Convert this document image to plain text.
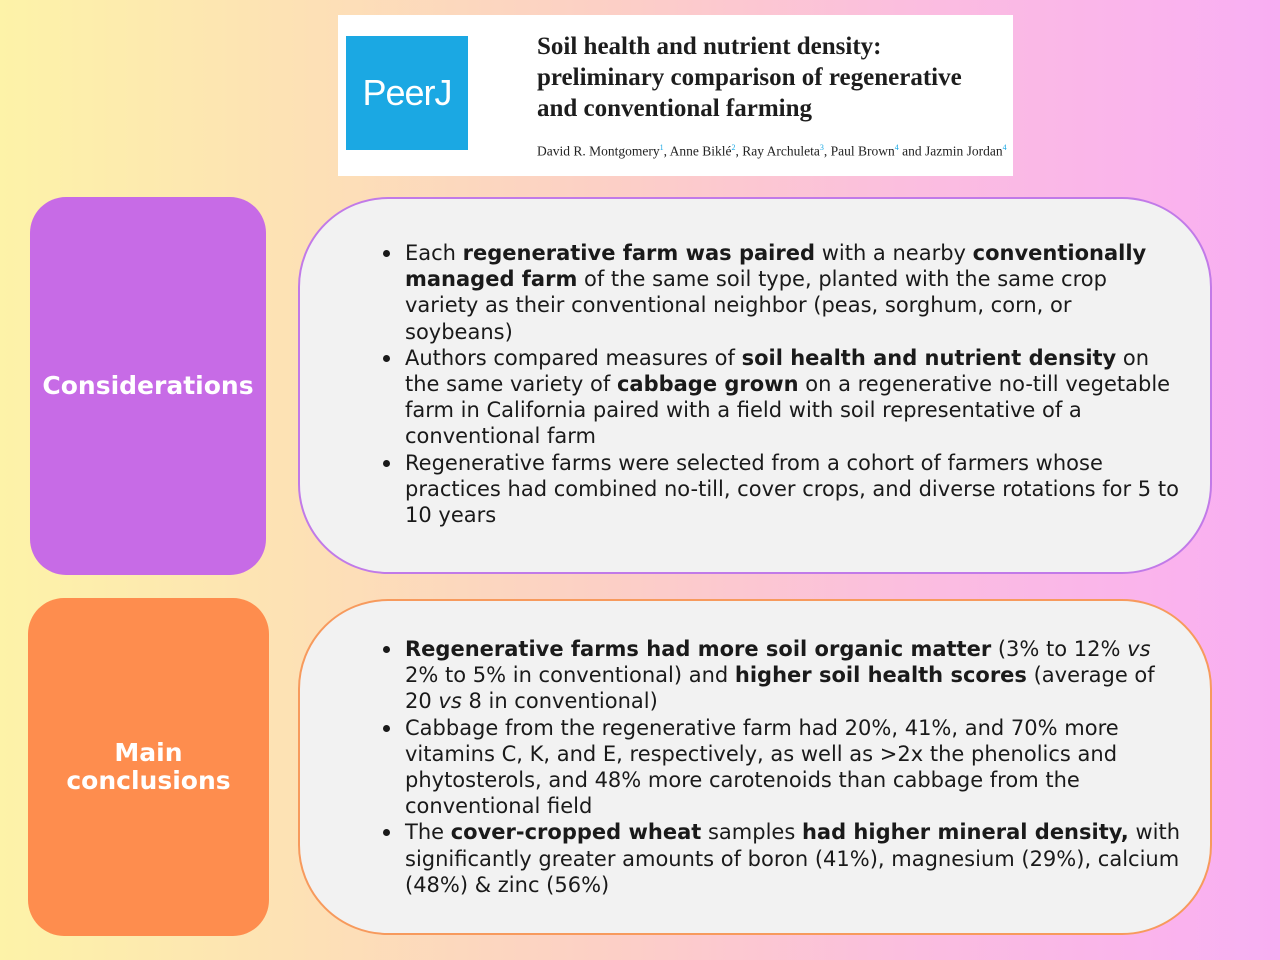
PeerJ
Soil health and nutrient density: preliminary comparison of regenerative and conventional farming
David R. Montgomery$^1$, Anne Biklé$^2$, Ray Archuleta$^3$, Paul Brown$^4$ and Jazmin Jordan$^4$
Considerations
Each regenerative farm was paired with a nearby conventionally managed farm of the same soil type, planted with the same crop variety as their conventional neighbor (peas, sorghum, corn, or soybeans)
Authors compared measures of soil health and nutrient density on the same variety of cabbage grown on a regenerative no-till vegetable farm in California paired with a field with soil representative of a conventional farm
Regenerative farms were selected from a cohort of farmers whose practices had combined no-till, cover crops, and diverse rotations for 5 to 10 years
Main
conclusions
Regenerative farms had more soil organic matter (3% to 12% vs 2% to 5% in conventional) and higher soil health scores (average of 20 vs 8 in conventional)
Cabbage from the regenerative farm had 20%, 41%, and 70% more vitamins C, K, and E, respectively, as well as >2x the phenolics and phytosterols, and 48% more carotenoids than cabbage from the conventional field
The cover-cropped wheat samples had higher mineral density, with significantly greater amounts of boron (41%), magnesium (29%), calcium (48%) & zinc (56%)
